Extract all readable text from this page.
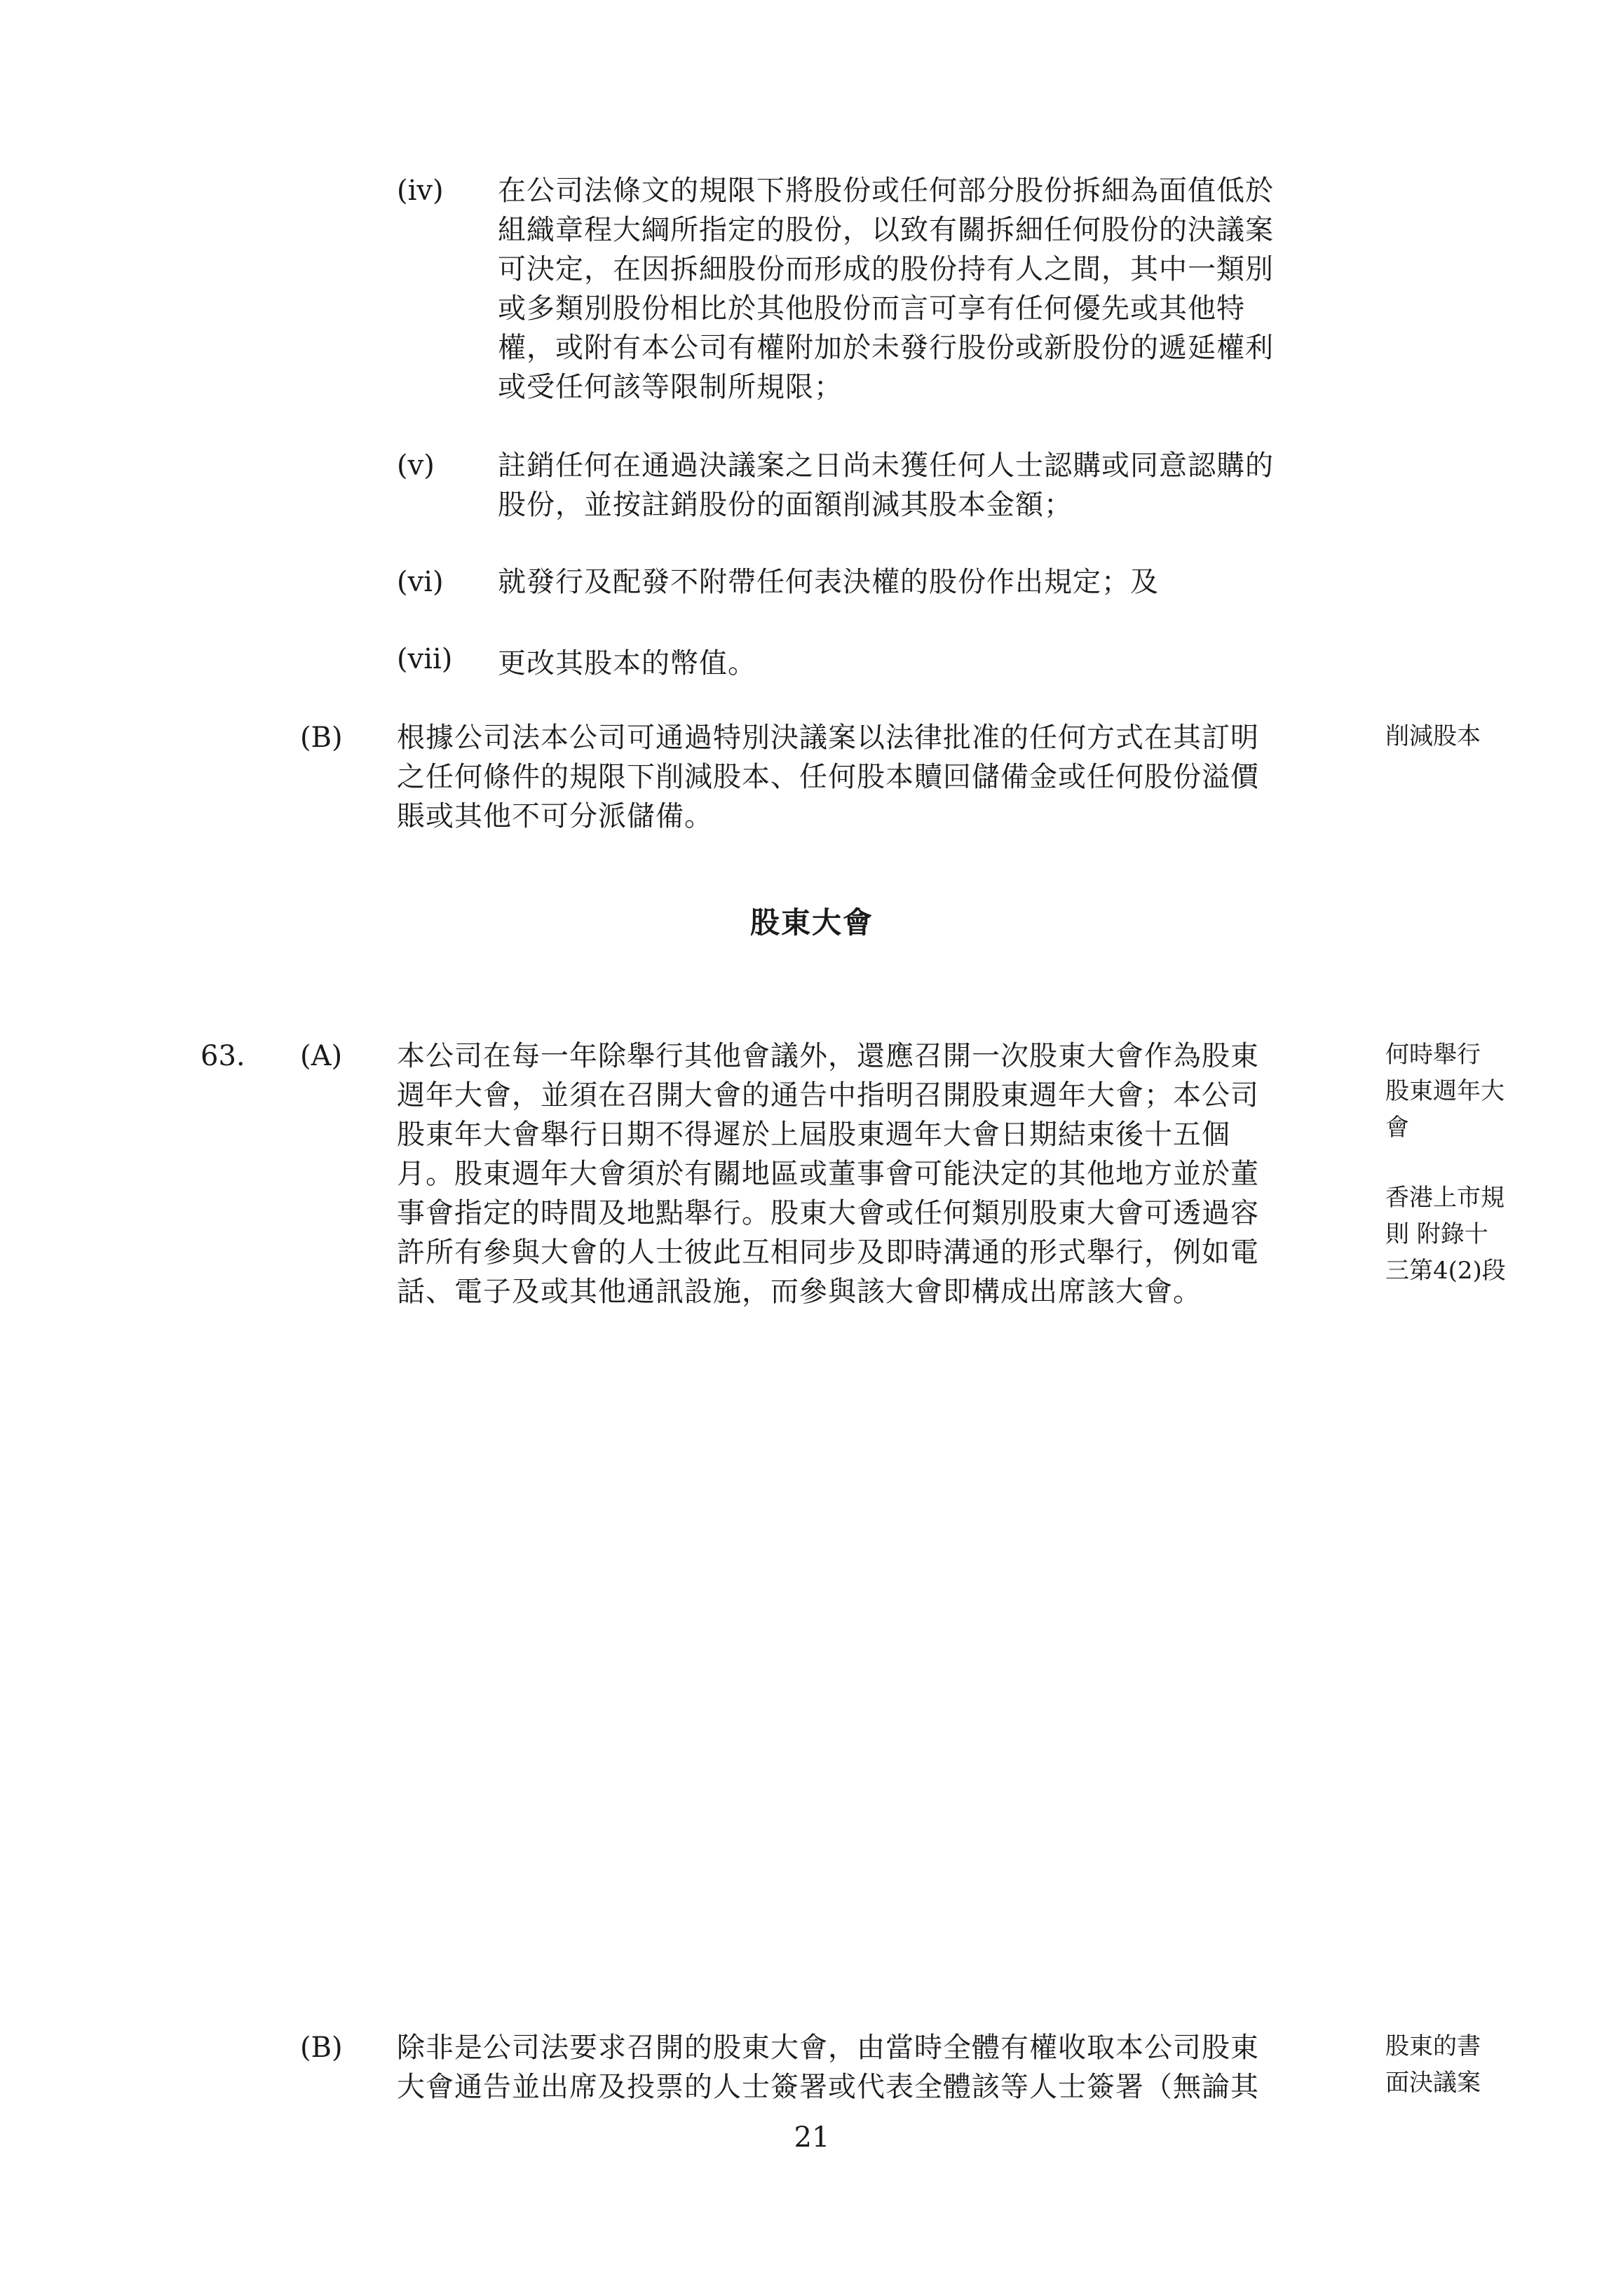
(iv) 在公司法條文的規限下將股份或任何部分股份拆細為面值低於
組織章程大綱所指定的股份，以致有關拆細任何股份的決議案
可決定，在因拆細股份而形成的股份持有人之間，其中一類別
或多類別股份相比於其他股份而言可享有任何優先或其他特
權，或附有本公司有權附加於未發行股份或新股份的遞延權利
或受任何該等限制所規限；
(v) 註銷任何在通過決議案之日尚未獲任何人士認購或同意認購的
股份，並按註銷股份的面額削減其股本金額；
(vi) 就發行及配發不附帶任何表決權的股份作出規定；及
(vii) 更改其股本的幣值。
(B) 根據公司法本公司可通過特別決議案以法律批准的任何方式在其訂明
之任何條件的規限下削減股本、任何股本贖回儲備金或任何股份溢價
賬或其他不可分派儲備。
削減股本
股東大會
63. (A) 本公司在每一年除舉行其他會議外，還應召開一次股東大會作為股東
週年大會，並須在召開大會的通告中指明召開股東週年大會；本公司
股東年大會舉行日期不得遲於上屆股東週年大會日期結束後十五個
月。股東週年大會須於有關地區或董事會可能決定的其他地方並於董
事會指定的時間及地點舉行。股東大會或任何類別股東大會可透過容
許所有參與大會的人士彼此互相同步及即時溝通的形式舉行，例如電
話、電子及或其他通訊設施，而參與該大會即構成出席該大會。
何時舉行
股東週年大
會
香港上市規
則 附錄十
三第4(2)段
(B) 除非是公司法要求召開的股東大會，由當時全體有權收取本公司股東
大會通告並出席及投票的人士簽署或代表全體該等人士簽署（無論其
股東的書
面決議案
21
